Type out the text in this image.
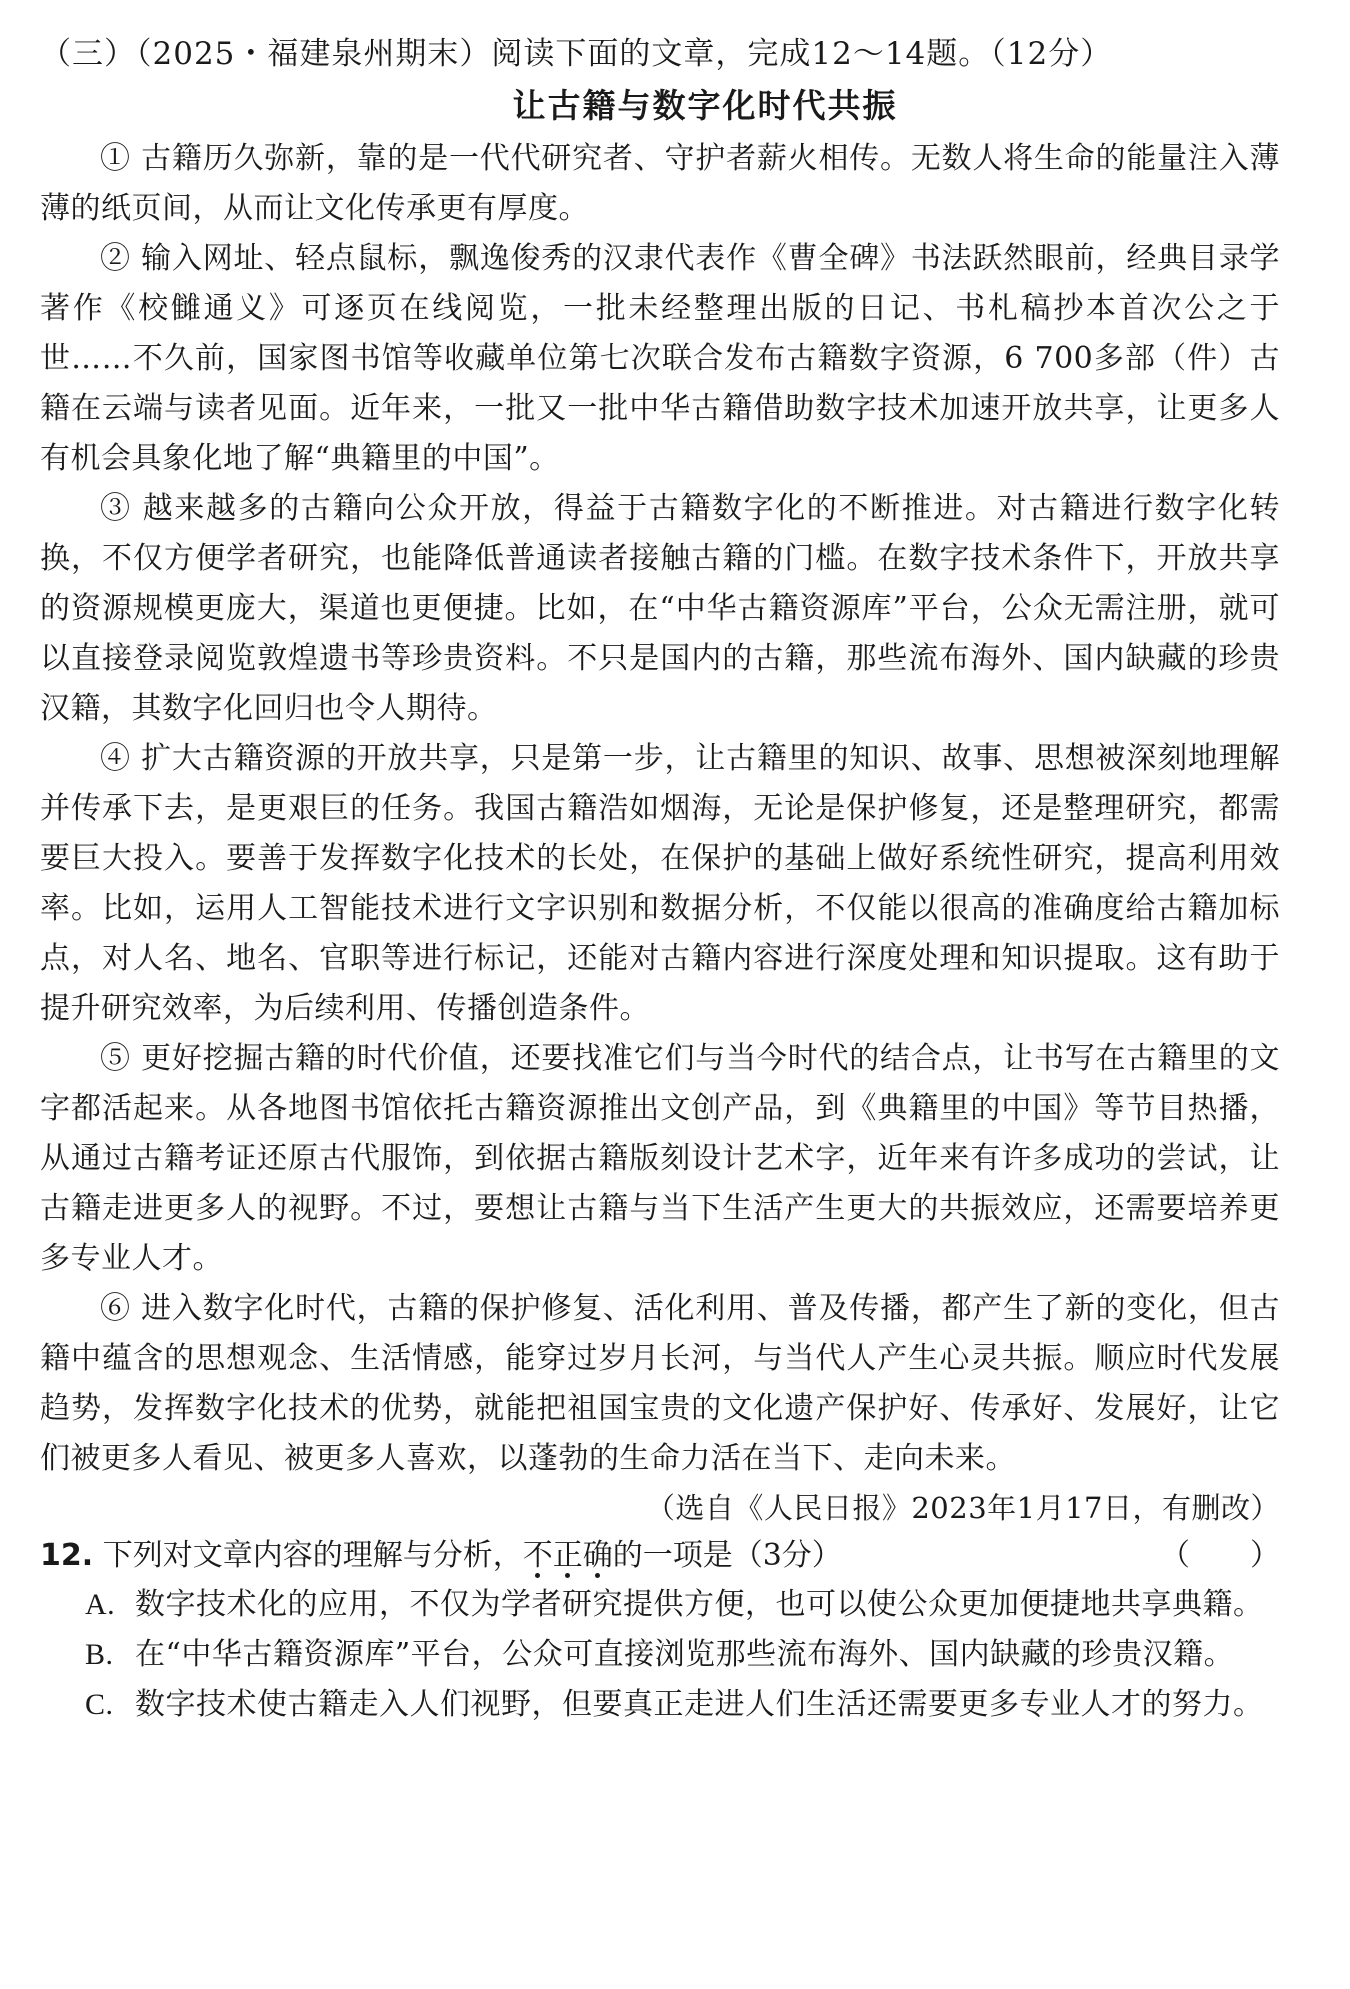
（三）（2025・福建泉州期末）阅读下面的文章，完成12～14题。（12分）
让古籍与数字化时代共振

① 古籍历久弥新，靠的是一代代研究者、守护者薪火相传。无数人将生命的能量注入薄薄的纸页间，从而让文化传承更有厚度。

② 输入网址、轻点鼠标，飘逸俊秀的汉隶代表作《曹全碑》书法跃然眼前，经典目录学著作《校雠通义》可逐页在线阅览，一批未经整理出版的日记、书札稿抄本首次公之于世……不久前，国家图书馆等收藏单位第七次联合发布古籍数字资源，6 700多部（件）古籍在云端与读者见面。近年来，一批又一批中华古籍借助数字技术加速开放共享，让更多人有机会具象化地了解“典籍里的中国”。

③ 越来越多的古籍向公众开放，得益于古籍数字化的不断推进。对古籍进行数字化转换，不仅方便学者研究，也能降低普通读者接触古籍的门槛。在数字技术条件下，开放共享的资源规模更庞大，渠道也更便捷。比如，在“中华古籍资源库”平台，公众无需注册，就可以直接登录阅览敦煌遗书等珍贵资料。不只是国内的古籍，那些流布海外、国内缺藏的珍贵汉籍，其数字化回归也令人期待。

④ 扩大古籍资源的开放共享，只是第一步，让古籍里的知识、故事、思想被深刻地理解并传承下去，是更艰巨的任务。我国古籍浩如烟海，无论是保护修复，还是整理研究，都需要巨大投入。要善于发挥数字化技术的长处，在保护的基础上做好系统性研究，提高利用效率。比如，运用人工智能技术进行文字识别和数据分析，不仅能以很高的准确度给古籍加标点，对人名、地名、官职等进行标记，还能对古籍内容进行深度处理和知识提取。这有助于提升研究效率，为后续利用、传播创造条件。

⑤ 更好挖掘古籍的时代价值，还要找准它们与当今时代的结合点，让书写在古籍里的文字都活起来。从各地图书馆依托古籍资源推出文创产品，到《典籍里的中国》等节目热播，从通过古籍考证还原古代服饰，到依据古籍版刻设计艺术字，近年来有许多成功的尝试，让古籍走进更多人的视野。不过，要想让古籍与当下生活产生更大的共振效应，还需要培养更多专业人才。

⑥ 进入数字化时代，古籍的保护修复、活化利用、普及传播，都产生了新的变化，但古籍中蕴含的思想观念、生活情感，能穿过岁月长河，与当代人产生心灵共振。顺应时代发展趋势，发挥数字化技术的优势，就能把祖国宝贵的文化遗产保护好、传承好、发展好，让它们被更多人看见、被更多人喜欢，以蓬勃的生命力活在当下、走向未来。

（选自《人民日报》2023年1月17日，有删改）
12. 下列对文章内容的理解与分析，不正确
的一项是（3分）	（　　）
A. 数字技术化的应用，不仅为学者研究提供方便，也可以使公众更加便捷地共享典籍。
B. 在“中华古籍资源库”平台，公众可直接浏览那些流布海外、国内缺藏的珍贵汉籍。
C. 数字技术使古籍走入人们视野，但要真正走进人们生活还需要更多专业人才的努力。
